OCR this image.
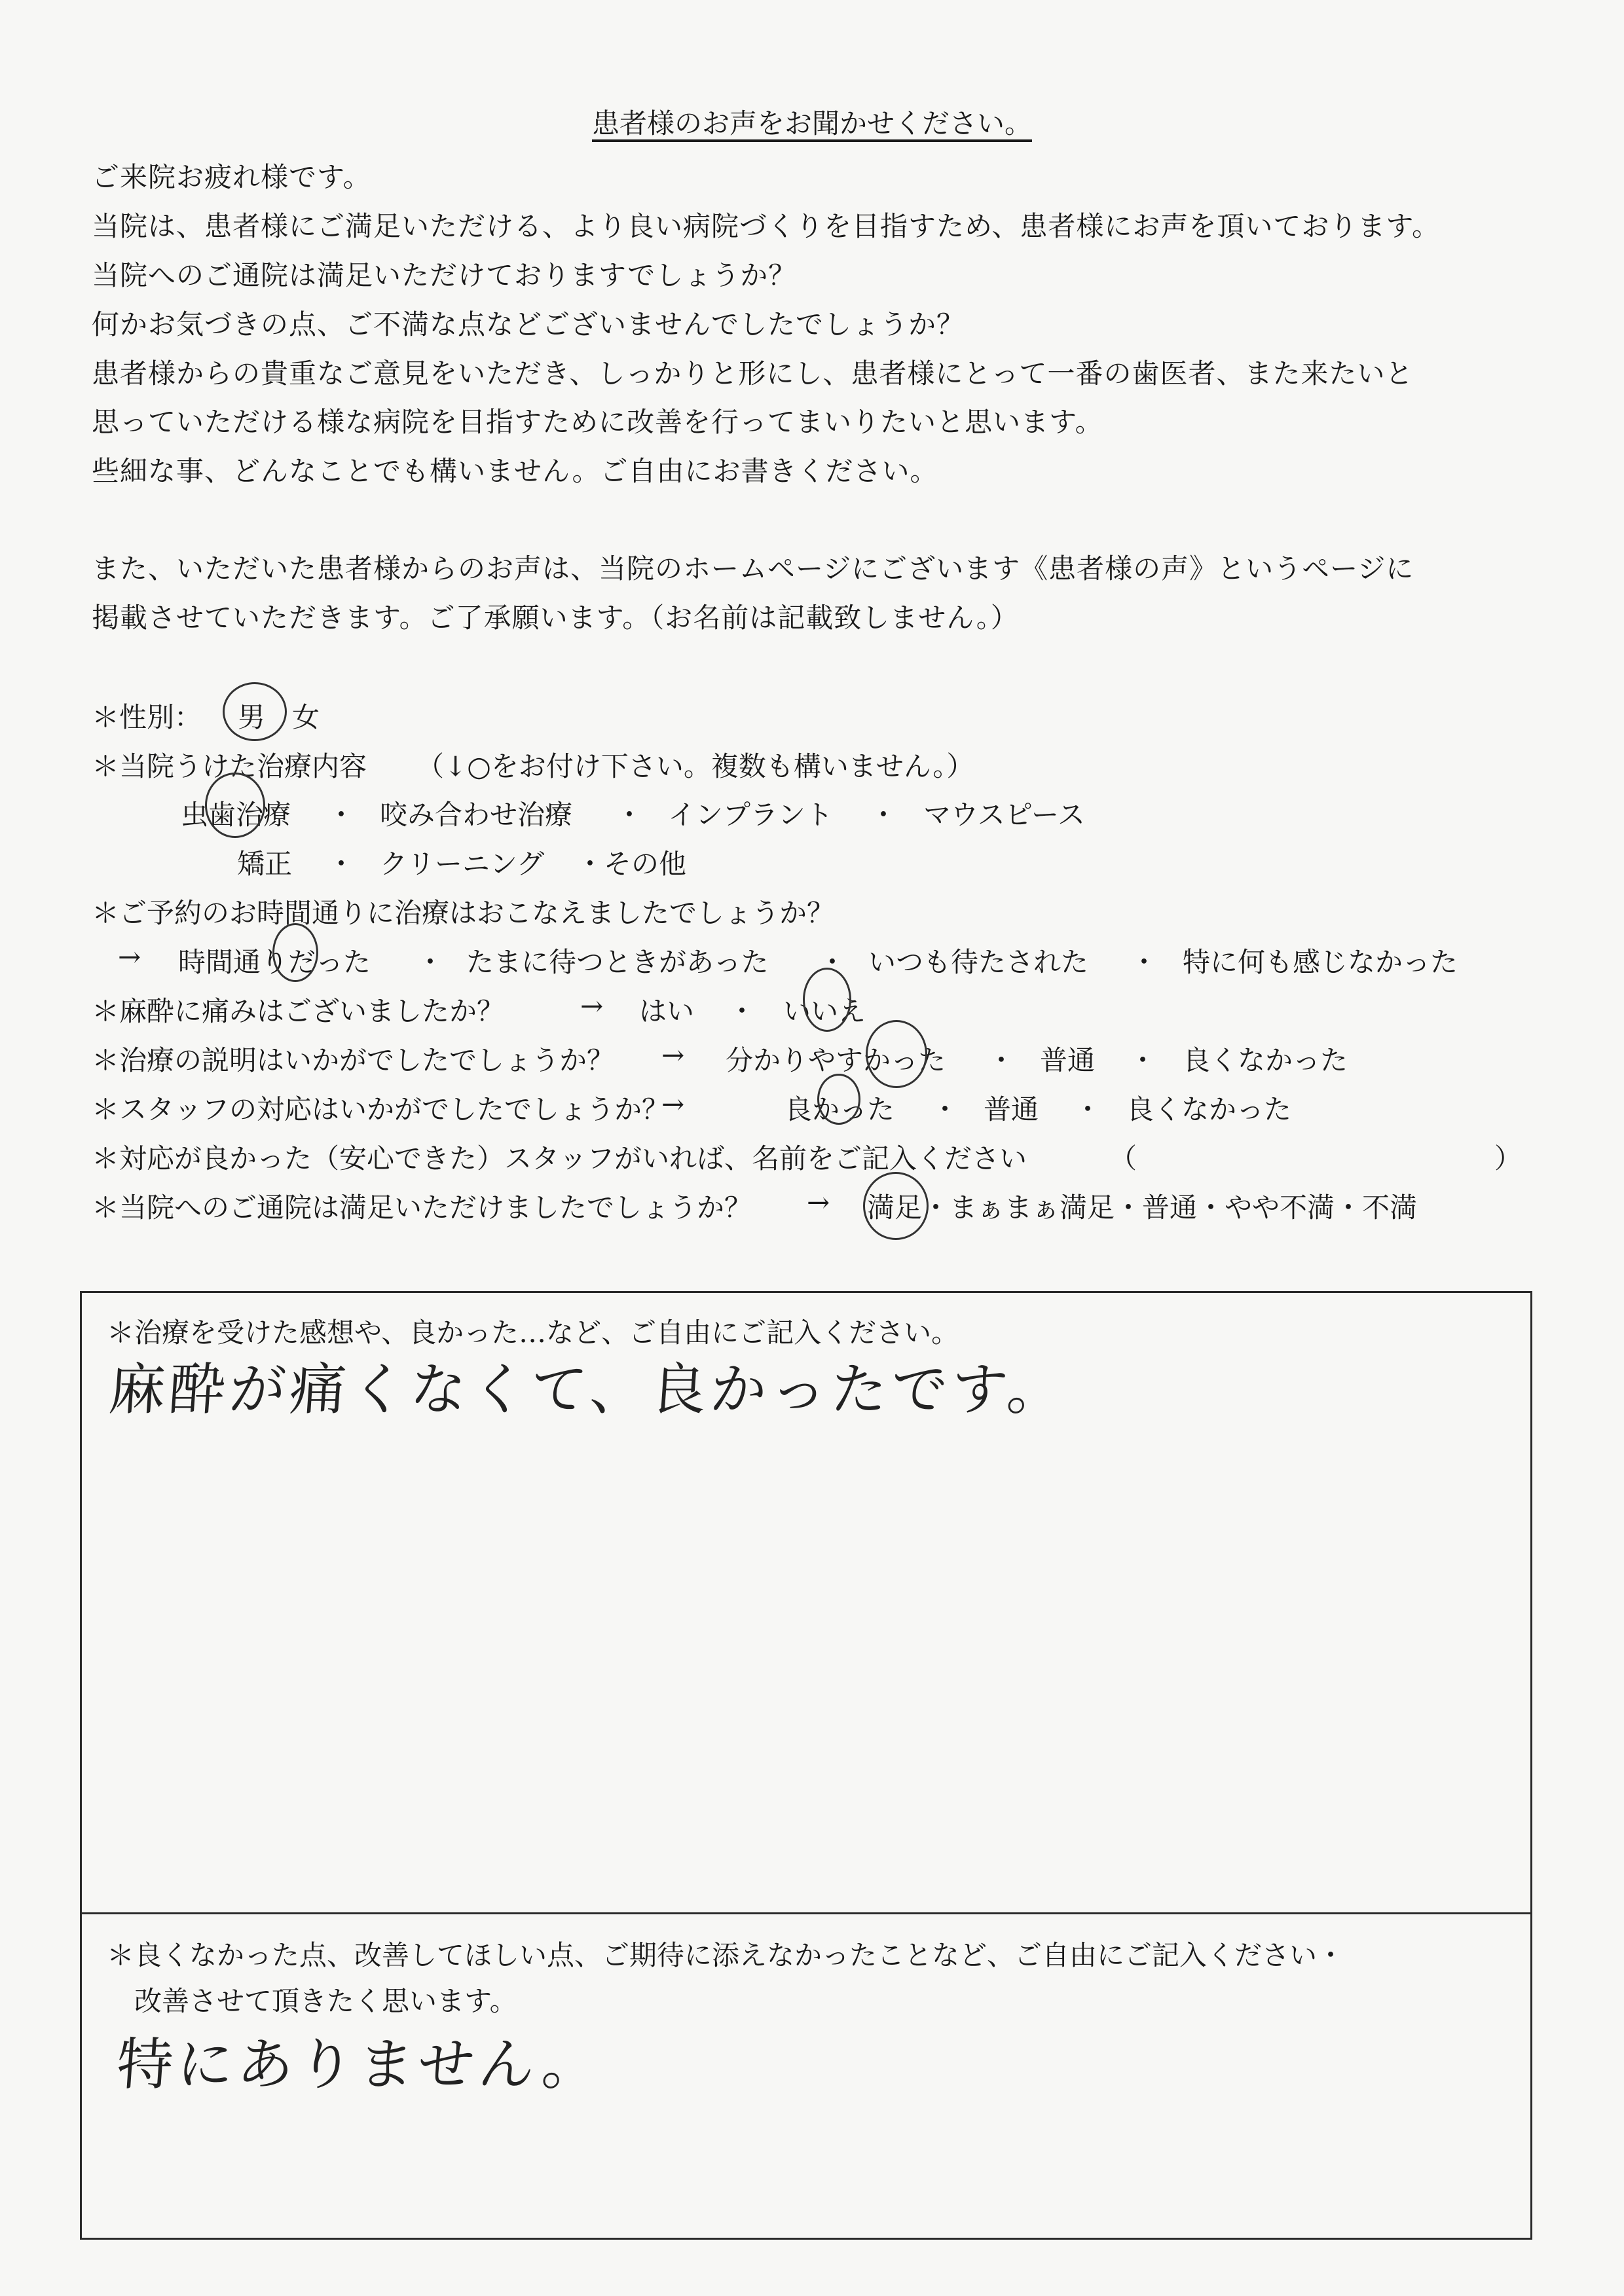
患者様のお声をお聞かせください。
ご来院お疲れ様です。
当院は、患者様にご満足いただける、より良い病院づくりを目指すため、患者様にお声を頂いております。
当院へのご通院は満足いただけておりますでしょうか？
何かお気づきの点、ご不満な点などございませんでしたでしょうか？
患者様からの貴重なご意見をいただき、しっかりと形にし、患者様にとって一番の歯医者、また来たいと
思っていただける様な病院を目指すために改善を行ってまいりたいと思います。
些細な事、どんなことでも構いません。ご自由にお書きください。
また、いただいた患者様からのお声は、当院のホームページにございます《患者様の声》というページに
掲載させていただきます。ご了承願います。（お名前は記載致しません。）
＊性別： 男 女
＊当院うけた治療内容 （↓○をお付け下さい。複数も構いません。）
虫歯治療 ・ 咬み合わせ治療 ・ インプラント ・ マウスピース
矯正 ・ クリーニング ・その他
＊ご予約のお時間通りに治療はおこなえましたでしょうか？
→ 時間通りだった ・ たまに待つときがあった ・ いつも待たされた ・ 特に何も感じなかった
＊麻酔に痛みはございましたか？	→ はい ・ いいえ
＊治療の説明はいかがでしたでしょうか？ → 分かりやすかった ・ 普通 ・ 良くなかった
＊スタッフの対応はいかがでしたでしょうか？
→	良かった ・ 普通 ・ 良くなかった
＊対応が良かった（安心できた）スタッフがいれば、名前をご記入ください	（	）
＊当院へのご通院は満足いただけましたでしょうか？ → 満足・まぁまぁ満足・普通・やや不満・不満
＊治療を受けた感想や、良かった…など、ご自由にご記入ください。
麻酔が痛くなくて、良かったです。
＊良くなかった点、改善してほしい点、ご期待に添えなかったことなど、ご自由にご記入ください・
改善させて頂きたく思います。
特にありません。
